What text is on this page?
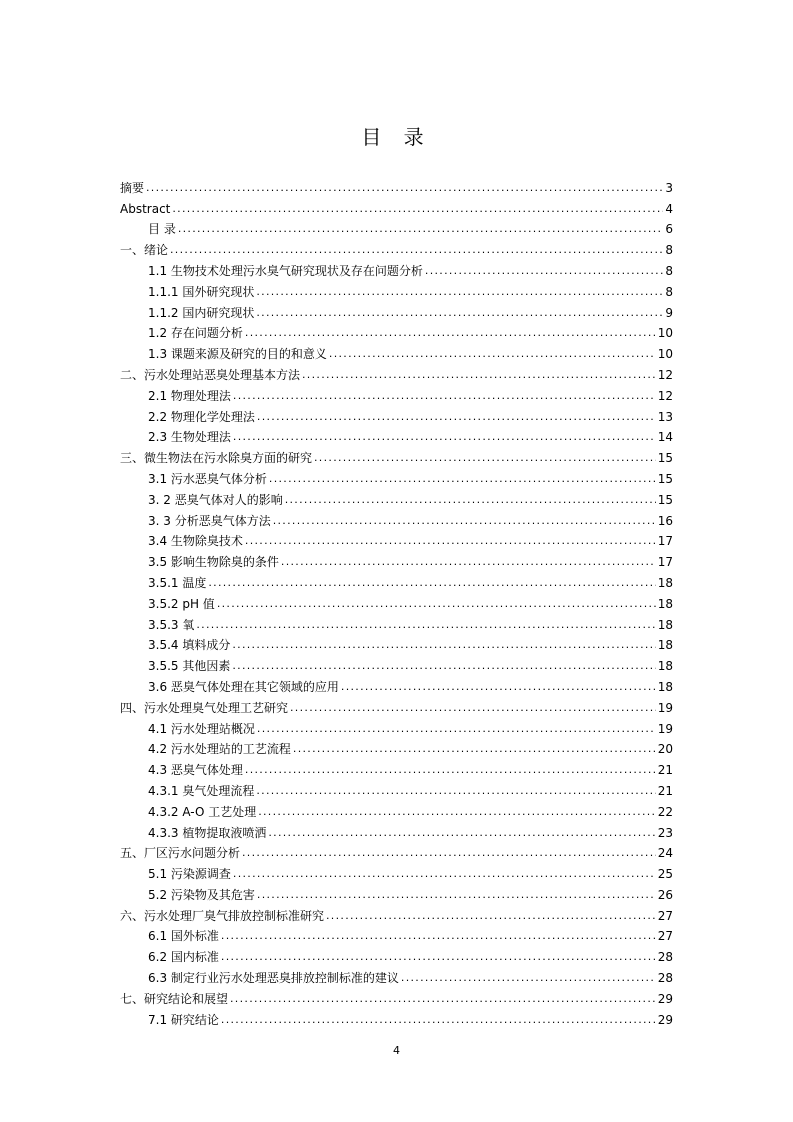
目 录
摘要 .....	3
Abstract .....	4
目 录 .....	6
一、绪论 .....	8
1.1 生物技术处理污水臭气研究现状及存在问题分析 .....	8
1.1.1 国外研究现状 .....	8
1.1.2 国内研究现状 .....	9
1.2 存在问题分析 .....	10
1.3 课题来源及研究的目的和意义 .....	10
二、污水处理站恶臭处理基本方法 .....	12
2.1 物理处理法 .....	12
2.2 物理化学处理法 .....	13
2.3 生物处理法 .....	14
三、微生物法在污水除臭方面的研究 .....	15
3.1 污水恶臭气体分析 .....	15
3. 2 恶臭气体对人的影响 .....	15
3. 3 分析恶臭气体方法 .....	16
3.4 生物除臭技术 .....	17
3.5 影响生物除臭的条件 .....	17
3.5.1 温度 .....	18
3.5.2 pH 值 .....	18
3.5.3 氧 .....	18
3.5.4 填料成分 .....	18
3.5.5 其他因素 .....	18
3.6 恶臭气体处理在其它领域的应用 .....	18
四、污水处理臭气处理工艺研究 .....	19
4.1 污水处理站概况 .....	19
4.2 污水处理站的工艺流程 .....	20
4.3 恶臭气体处理 .....	21
4.3.1 臭气处理流程 .....	21
4.3.2 A-O 工艺处理 .....	22
4.3.3 植物提取液喷洒 .....	23
五、厂区污水问题分析 .....	24
5.1 污染源调查 .....	25
5.2 污染物及其危害 .....	26
六、污水处理厂臭气排放控制标准研究 .....	27
6.1 国外标准 .....	27
6.2 国内标准 .....	28
6.3 制定行业污水处理恶臭排放控制标准的建议 .....	28
七、研究结论和展望 .....	29
7.1 研究结论 .....	29
4
